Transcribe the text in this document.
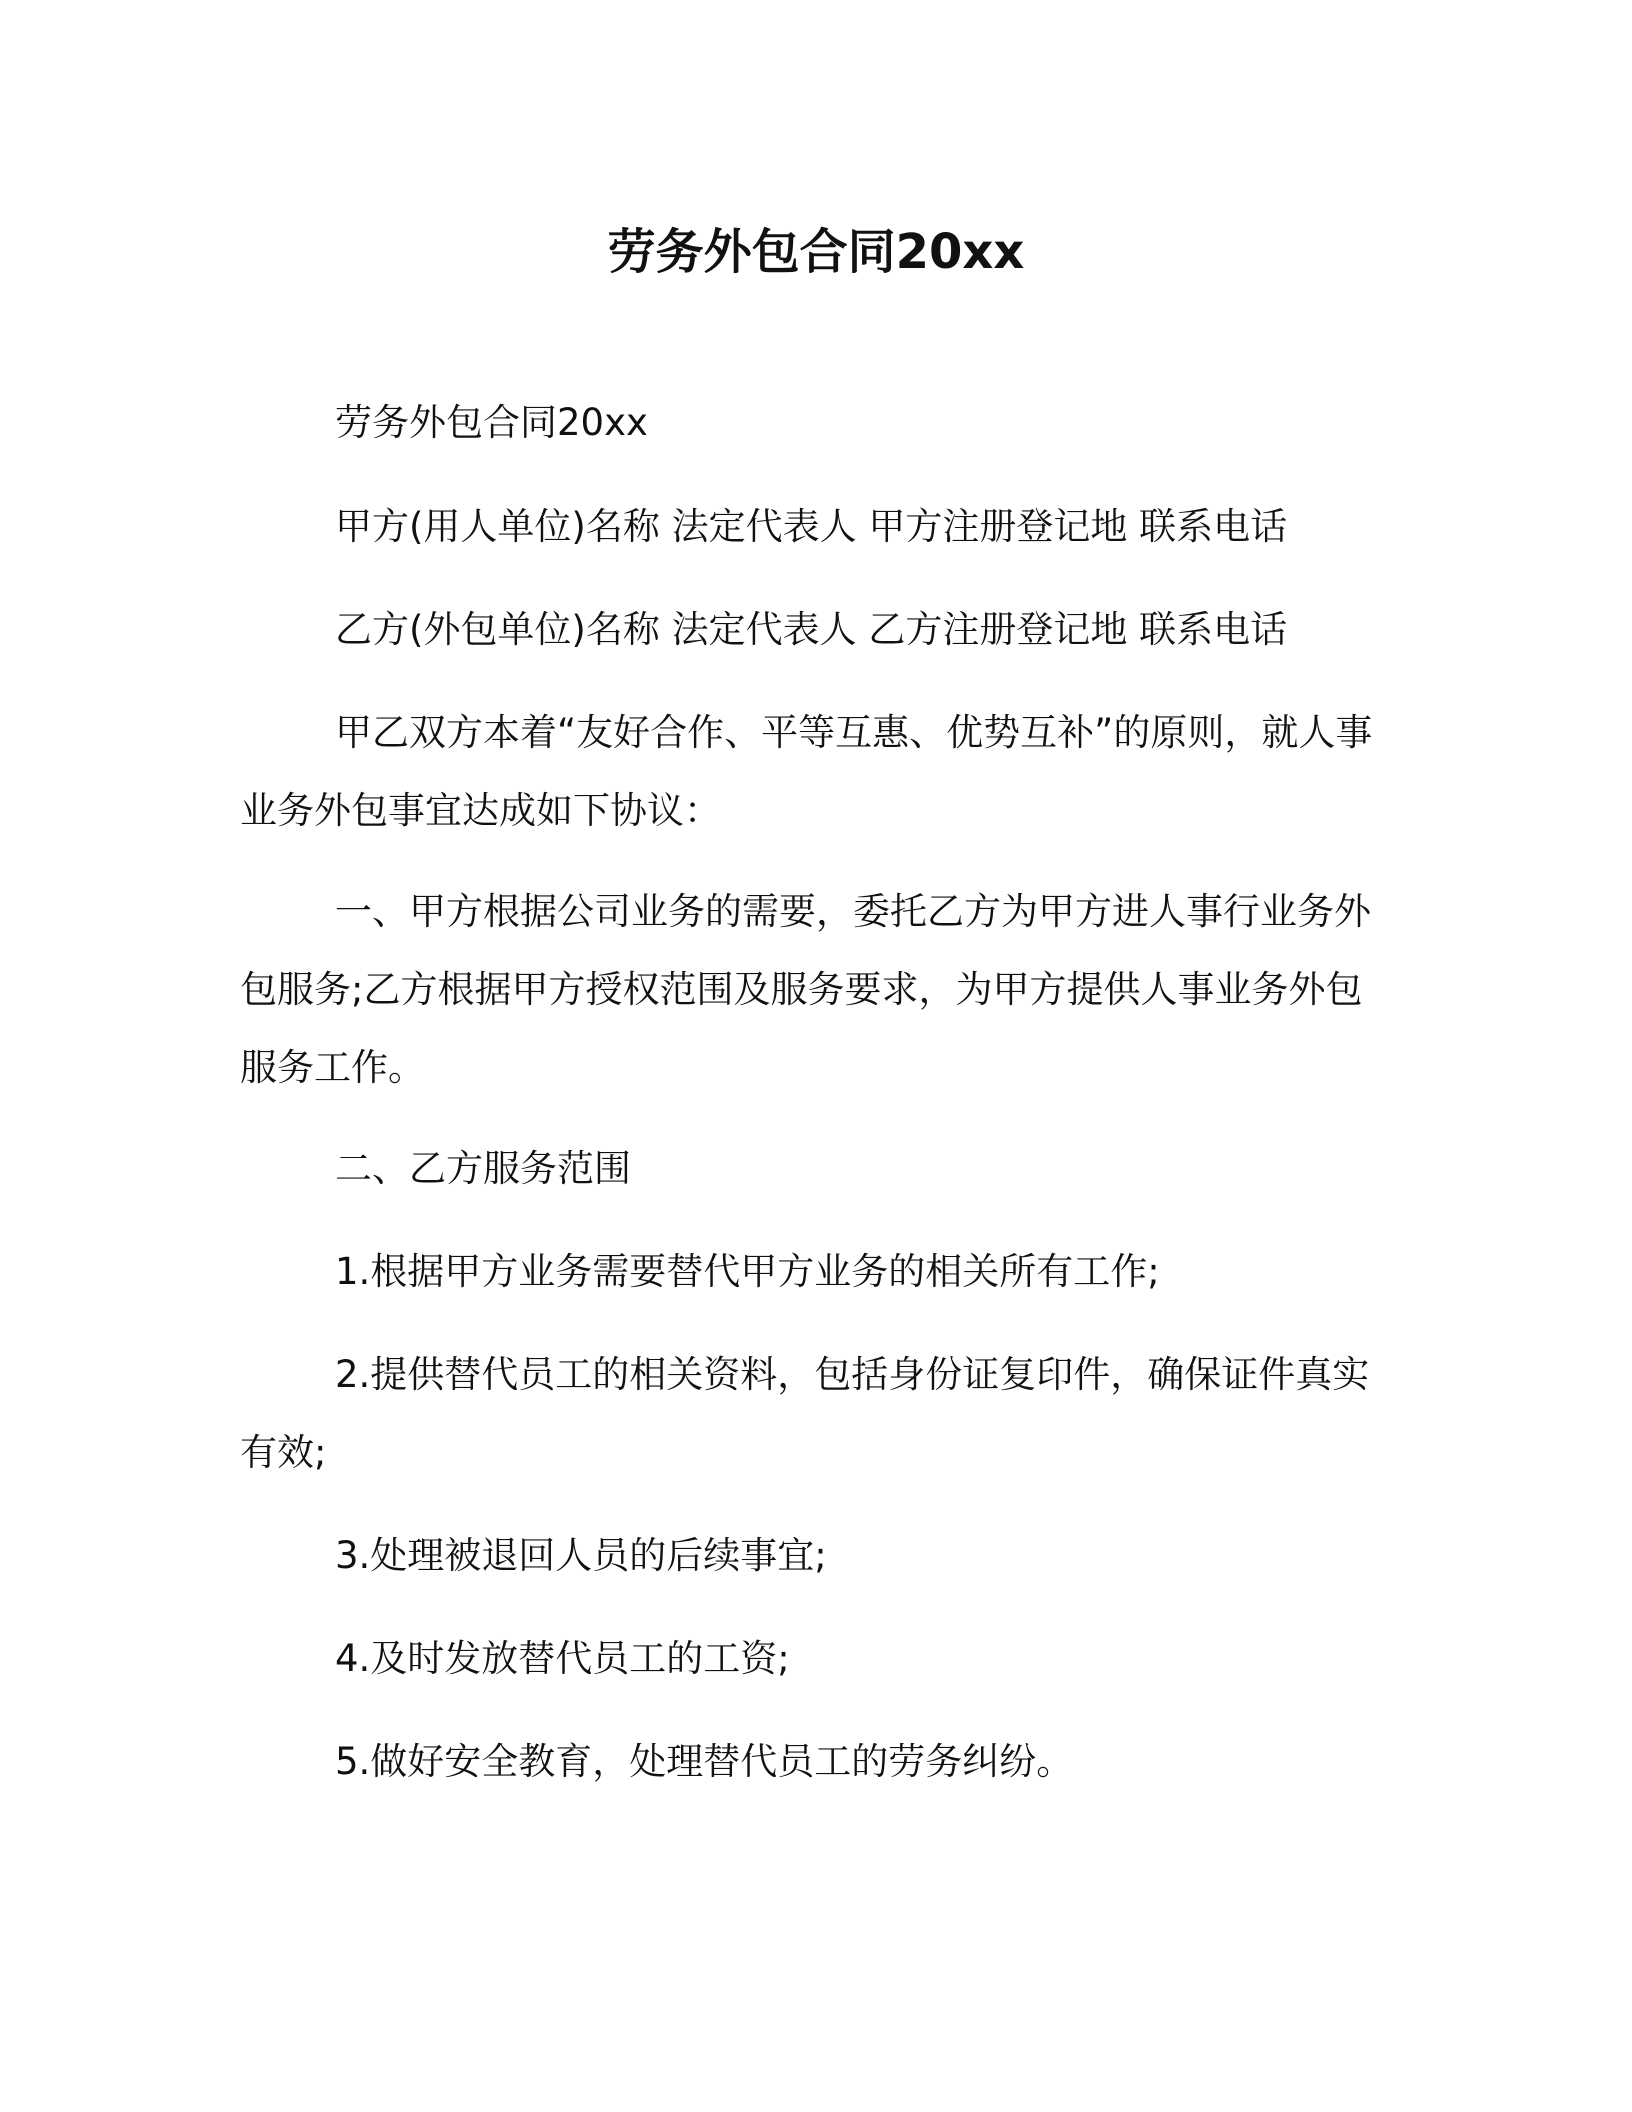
劳务外包合同20xx
劳务外包合同20xx
甲方(用人单位)名称 法定代表人 甲方注册登记地 联系电话
乙方(外包单位)名称 法定代表人 乙方注册登记地 联系电话
甲乙双方本着“友好合作、平等互惠、优势互补”的原则，就人事业务外包事宜达成如下协议：
一、甲方根据公司业务的需要，委托乙方为甲方进人事行业务外包服务;乙方根据甲方授权范围及服务要求，为甲方提供人事业务外包服务工作。
二、乙方服务范围
1.根据甲方业务需要替代甲方业务的相关所有工作;
2.提供替代员工的相关资料，包括身份证复印件，确保证件真实有效;
3.处理被退回人员的后续事宜;
4.及时发放替代员工的工资;
5.做好安全教育，处理替代员工的劳务纠纷。
